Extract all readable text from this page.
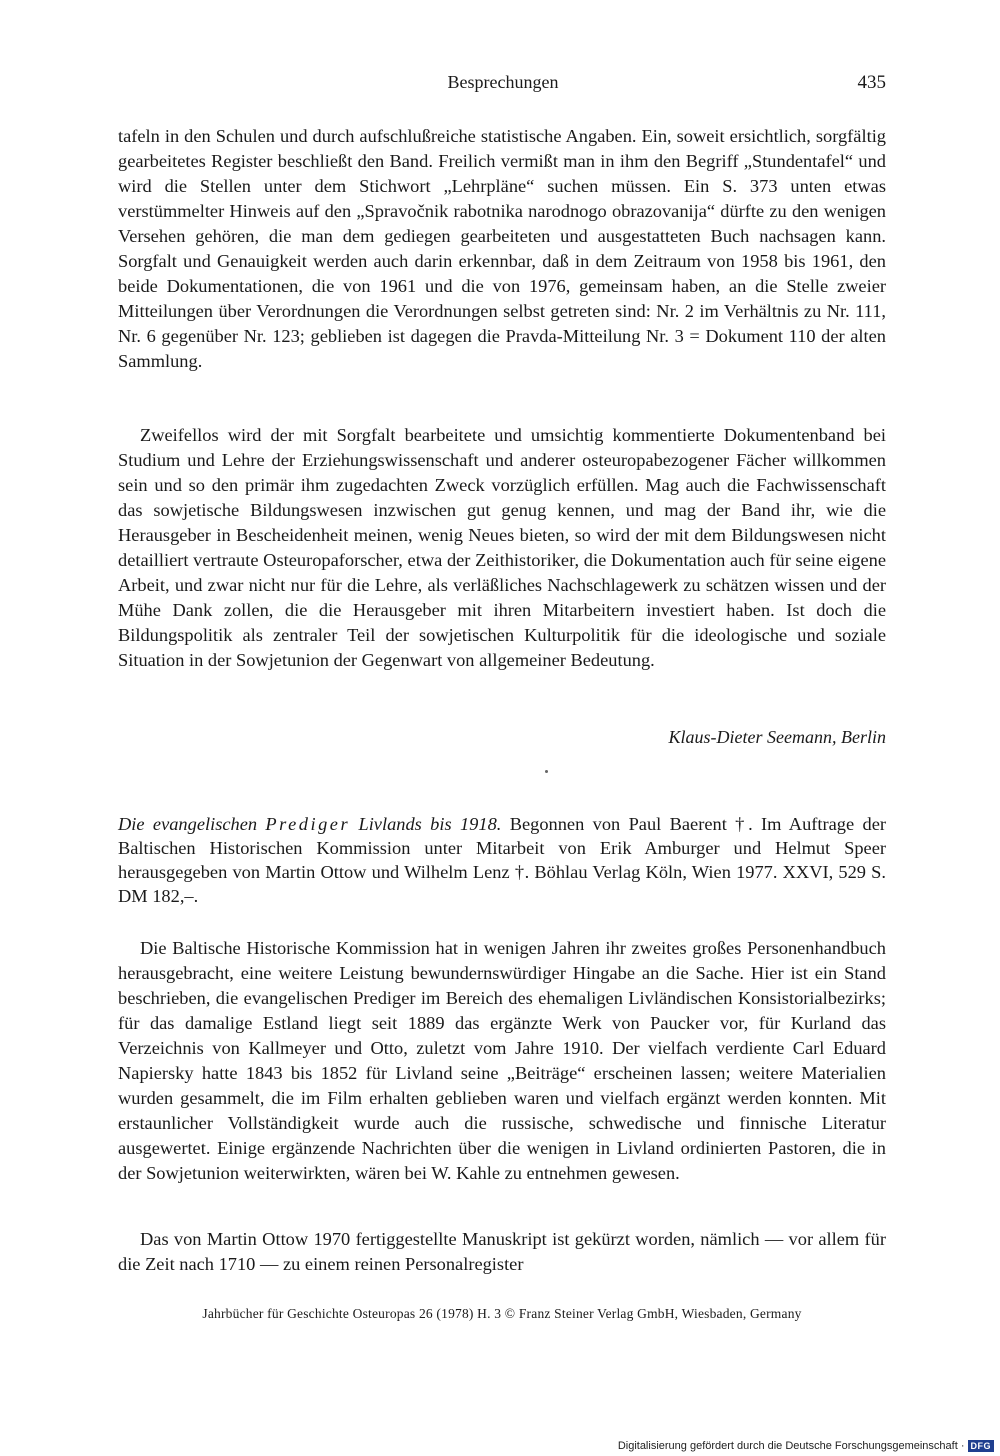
Besprechungen	435

tafeln in den Schulen und durch aufschlußreiche statistische Angaben. Ein, soweit ersichtlich, sorgfältig gearbeitetes Register beschließt den Band. Freilich vermißt man in ihm den Begriff „Stundentafel“ und wird die Stellen unter dem Stichwort „Lehrpläne“ suchen müssen. Ein S. 373 unten etwas verstümmelter Hinweis auf den „Spravočnik rabotnika narodnogo obrazovanija“ dürfte zu den wenigen Versehen gehören, die man dem gediegen gearbeiteten und ausgestatteten Buch nachsagen kann. Sorgfalt und Genauigkeit werden auch darin erkennbar, daß in dem Zeitraum von 1958 bis 1961, den beide Dokumentationen, die von 1961 und die von 1976, gemeinsam haben, an die Stelle zweier Mitteilungen über Verordnungen die Verordnungen selbst getreten sind: Nr. 2 im Verhältnis zu Nr. 111, Nr. 6 gegenüber Nr. 123; geblieben ist dagegen die Pravda-Mitteilung Nr. 3 = Dokument 110 der alten Sammlung.

Zweifellos wird der mit Sorgfalt bearbeitete und umsichtig kommentierte Dokumentenband bei Studium und Lehre der Erziehungswissenschaft und anderer osteuropabezogener Fächer willkommen sein und so den primär ihm zugedachten Zweck vorzüglich erfüllen. Mag auch die Fachwissenschaft das sowjetische Bildungswesen inzwischen gut genug kennen, und mag der Band ihr, wie die Herausgeber in Bescheidenheit meinen, wenig Neues bieten, so wird der mit dem Bildungswesen nicht detailliert vertraute Osteuropaforscher, etwa der Zeithistoriker, die Dokumentation auch für seine eigene Arbeit, und zwar nicht nur für die Lehre, als verläßliches Nachschlagewerk zu schätzen wissen und der Mühe Dank zollen, die die Herausgeber mit ihren Mitarbeitern investiert haben. Ist doch die Bildungspolitik als zentraler Teil der sowjetischen Kulturpolitik für die ideologische und soziale Situation in der Sowjetunion der Gegenwart von allgemeiner Bedeutung.

Klaus-Dieter Seemann, Berlin
Die evangelischen Prediger Livlands bis 1918. Begonnen von Paul Baerent †. Im Auftrage der Baltischen Historischen Kommission unter Mitarbeit von Erik Amburger und Helmut Speer herausgegeben von Martin Ottow und Wilhelm Lenz †. Böhlau Verlag Köln, Wien 1977. XXVI, 529 S. DM 182,–.

Die Baltische Historische Kommission hat in wenigen Jahren ihr zweites großes Personenhandbuch herausgebracht, eine weitere Leistung bewundernswürdiger Hingabe an die Sache. Hier ist ein Stand beschrieben, die evangelischen Prediger im Bereich des ehemaligen Livländischen Konsistorialbezirks; für das damalige Estland liegt seit 1889 das ergänzte Werk von Paucker vor, für Kurland das Verzeichnis von Kallmeyer und Otto, zuletzt vom Jahre 1910. Der vielfach verdiente Carl Eduard Napiersky hatte 1843 bis 1852 für Livland seine „Beiträge“ erscheinen lassen; weitere Materialien wurden gesammelt, die im Film erhalten geblieben waren und vielfach ergänzt werden konnten. Mit erstaunlicher Vollständigkeit wurde auch die russische, schwedische und finnische Literatur ausgewertet. Einige ergänzende Nachrichten über die wenigen in Livland ordinierten Pastoren, die in der Sowjetunion weiterwirkten, wären bei W. Kahle zu entnehmen gewesen.

Das von Martin Ottow 1970 fertiggestellte Manuskript ist gekürzt worden, nämlich — vor allem für die Zeit nach 1710 — zu einem reinen Personalregister

Jahrbücher für Geschichte Osteuropas 26 (1978) H. 3 © Franz Steiner Verlag GmbH, Wiesbaden, Germany
Digitalisierung gefördert durch die Deutsche Forschungsgemeinschaft · DFG
